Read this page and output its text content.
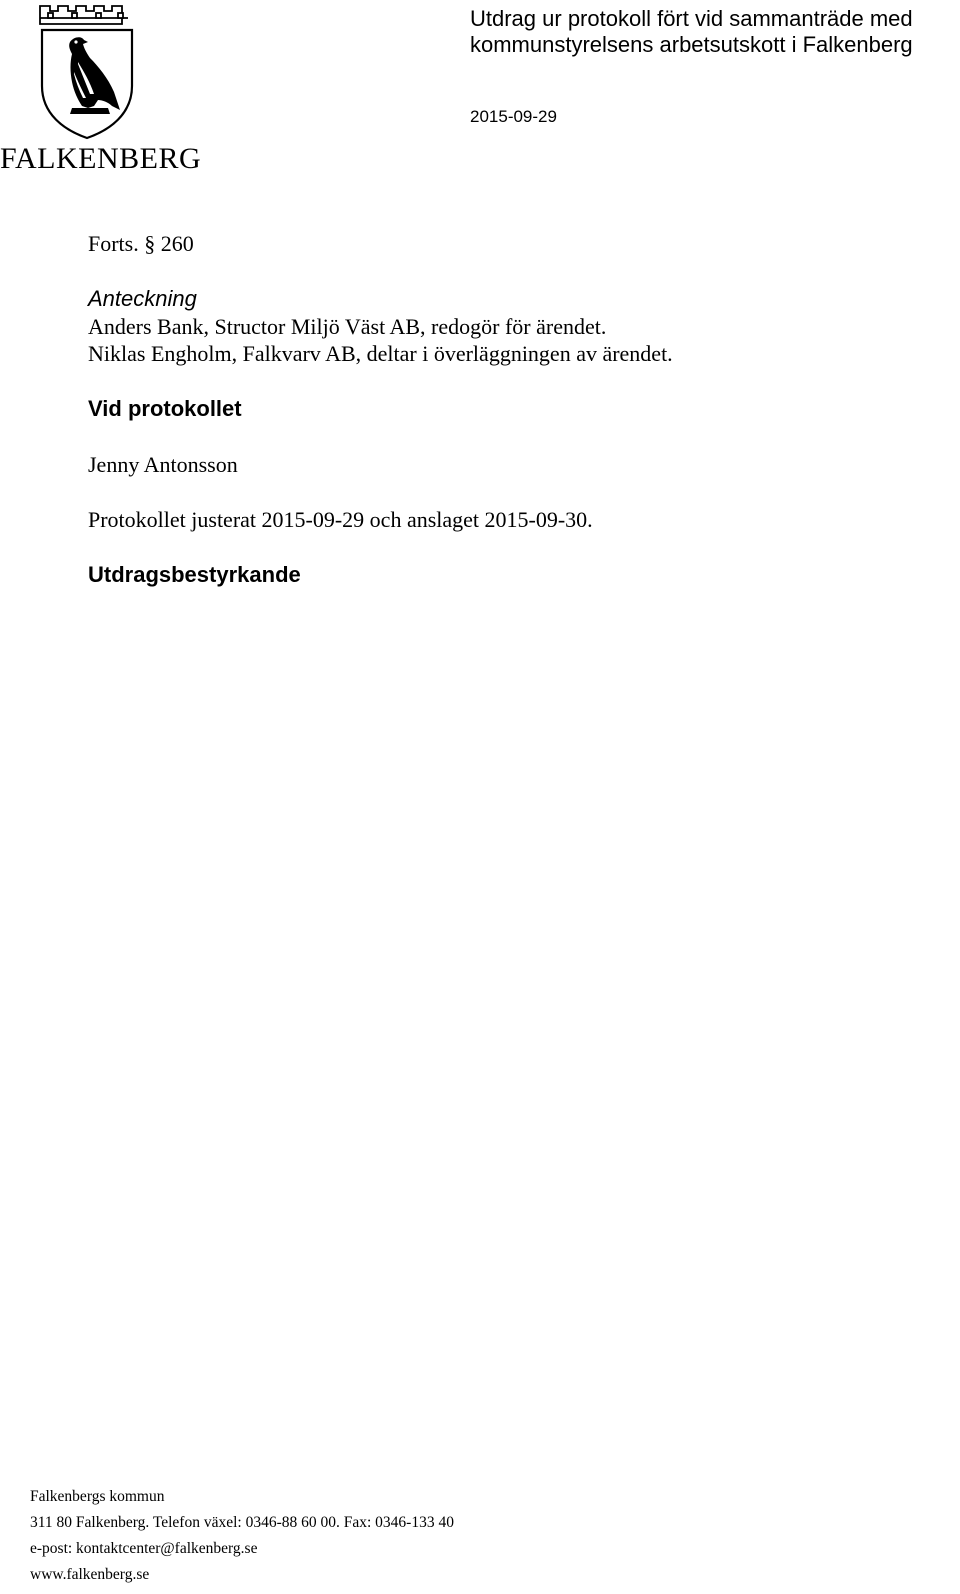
FALKENBERG
Utdrag ur protokoll fört vid sammanträde med
kommunstyrelsens arbetsutskott i Falkenberg
2015-09-29
Forts. § 260
Anteckning
Anders Bank, Structor Miljö Väst AB, redogör för ärendet.
Niklas Engholm, Falkvarv AB, deltar i överläggningen av ärendet.
Vid protokollet
Jenny Antonsson
Protokollet justerat 2015-09-29 och anslaget 2015-09-30.
Utdragsbestyrkande
Falkenbergs kommun
311 80 Falkenberg. Telefon växel: 0346-88 60 00. Fax: 0346-133 40
e-post: kontaktcenter@falkenberg.se
www.falkenberg.se
